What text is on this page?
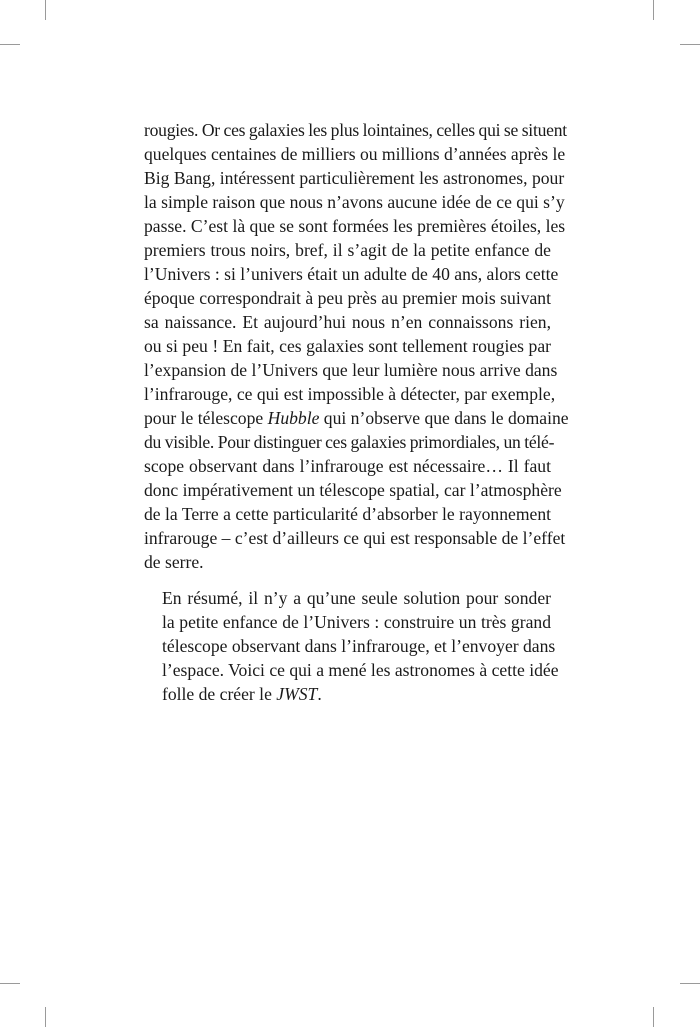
rougies. Or ces galaxies les plus lointaines, celles qui se situent
quelques centaines de milliers ou millions d’années après le
Big Bang, intéressent particulièrement les astronomes, pour
la simple raison que nous n’avons aucune idée de ce qui s’y
passe. C’est là que se sont formées les premières étoiles, les
premiers trous noirs, bref, il s’agit de la petite enfance de
l’Univers : si l’univers était un adulte de 40 ans, alors cette
époque correspondrait à peu près au premier mois suivant
sa naissance. Et aujourd’hui nous n’en connaissons rien,
ou si peu ! En fait, ces galaxies sont tellement rougies par
l’expansion de l’Univers que leur lumière nous arrive dans
l’infrarouge, ce qui est impossible à détecter, par exemple,
pour le télescope Hubble qui n’observe que dans le domaine
du visible. Pour distinguer ces galaxies primordiales, un télé-
scope observant dans l’infrarouge est nécessaire… Il faut
donc impérativement un télescope spatial, car l’atmosphère
de la Terre a cette particularité d’absorber le rayonnement
infrarouge – c’est d’ailleurs ce qui est responsable de l’effet
de serre.

En résumé, il n’y a qu’une seule solution pour sonder
la petite enfance de l’Univers : construire un très grand
télescope observant dans l’infrarouge, et l’envoyer dans
l’espace. Voici ce qui a mené les astronomes à cette idée
folle de créer le JWST.
